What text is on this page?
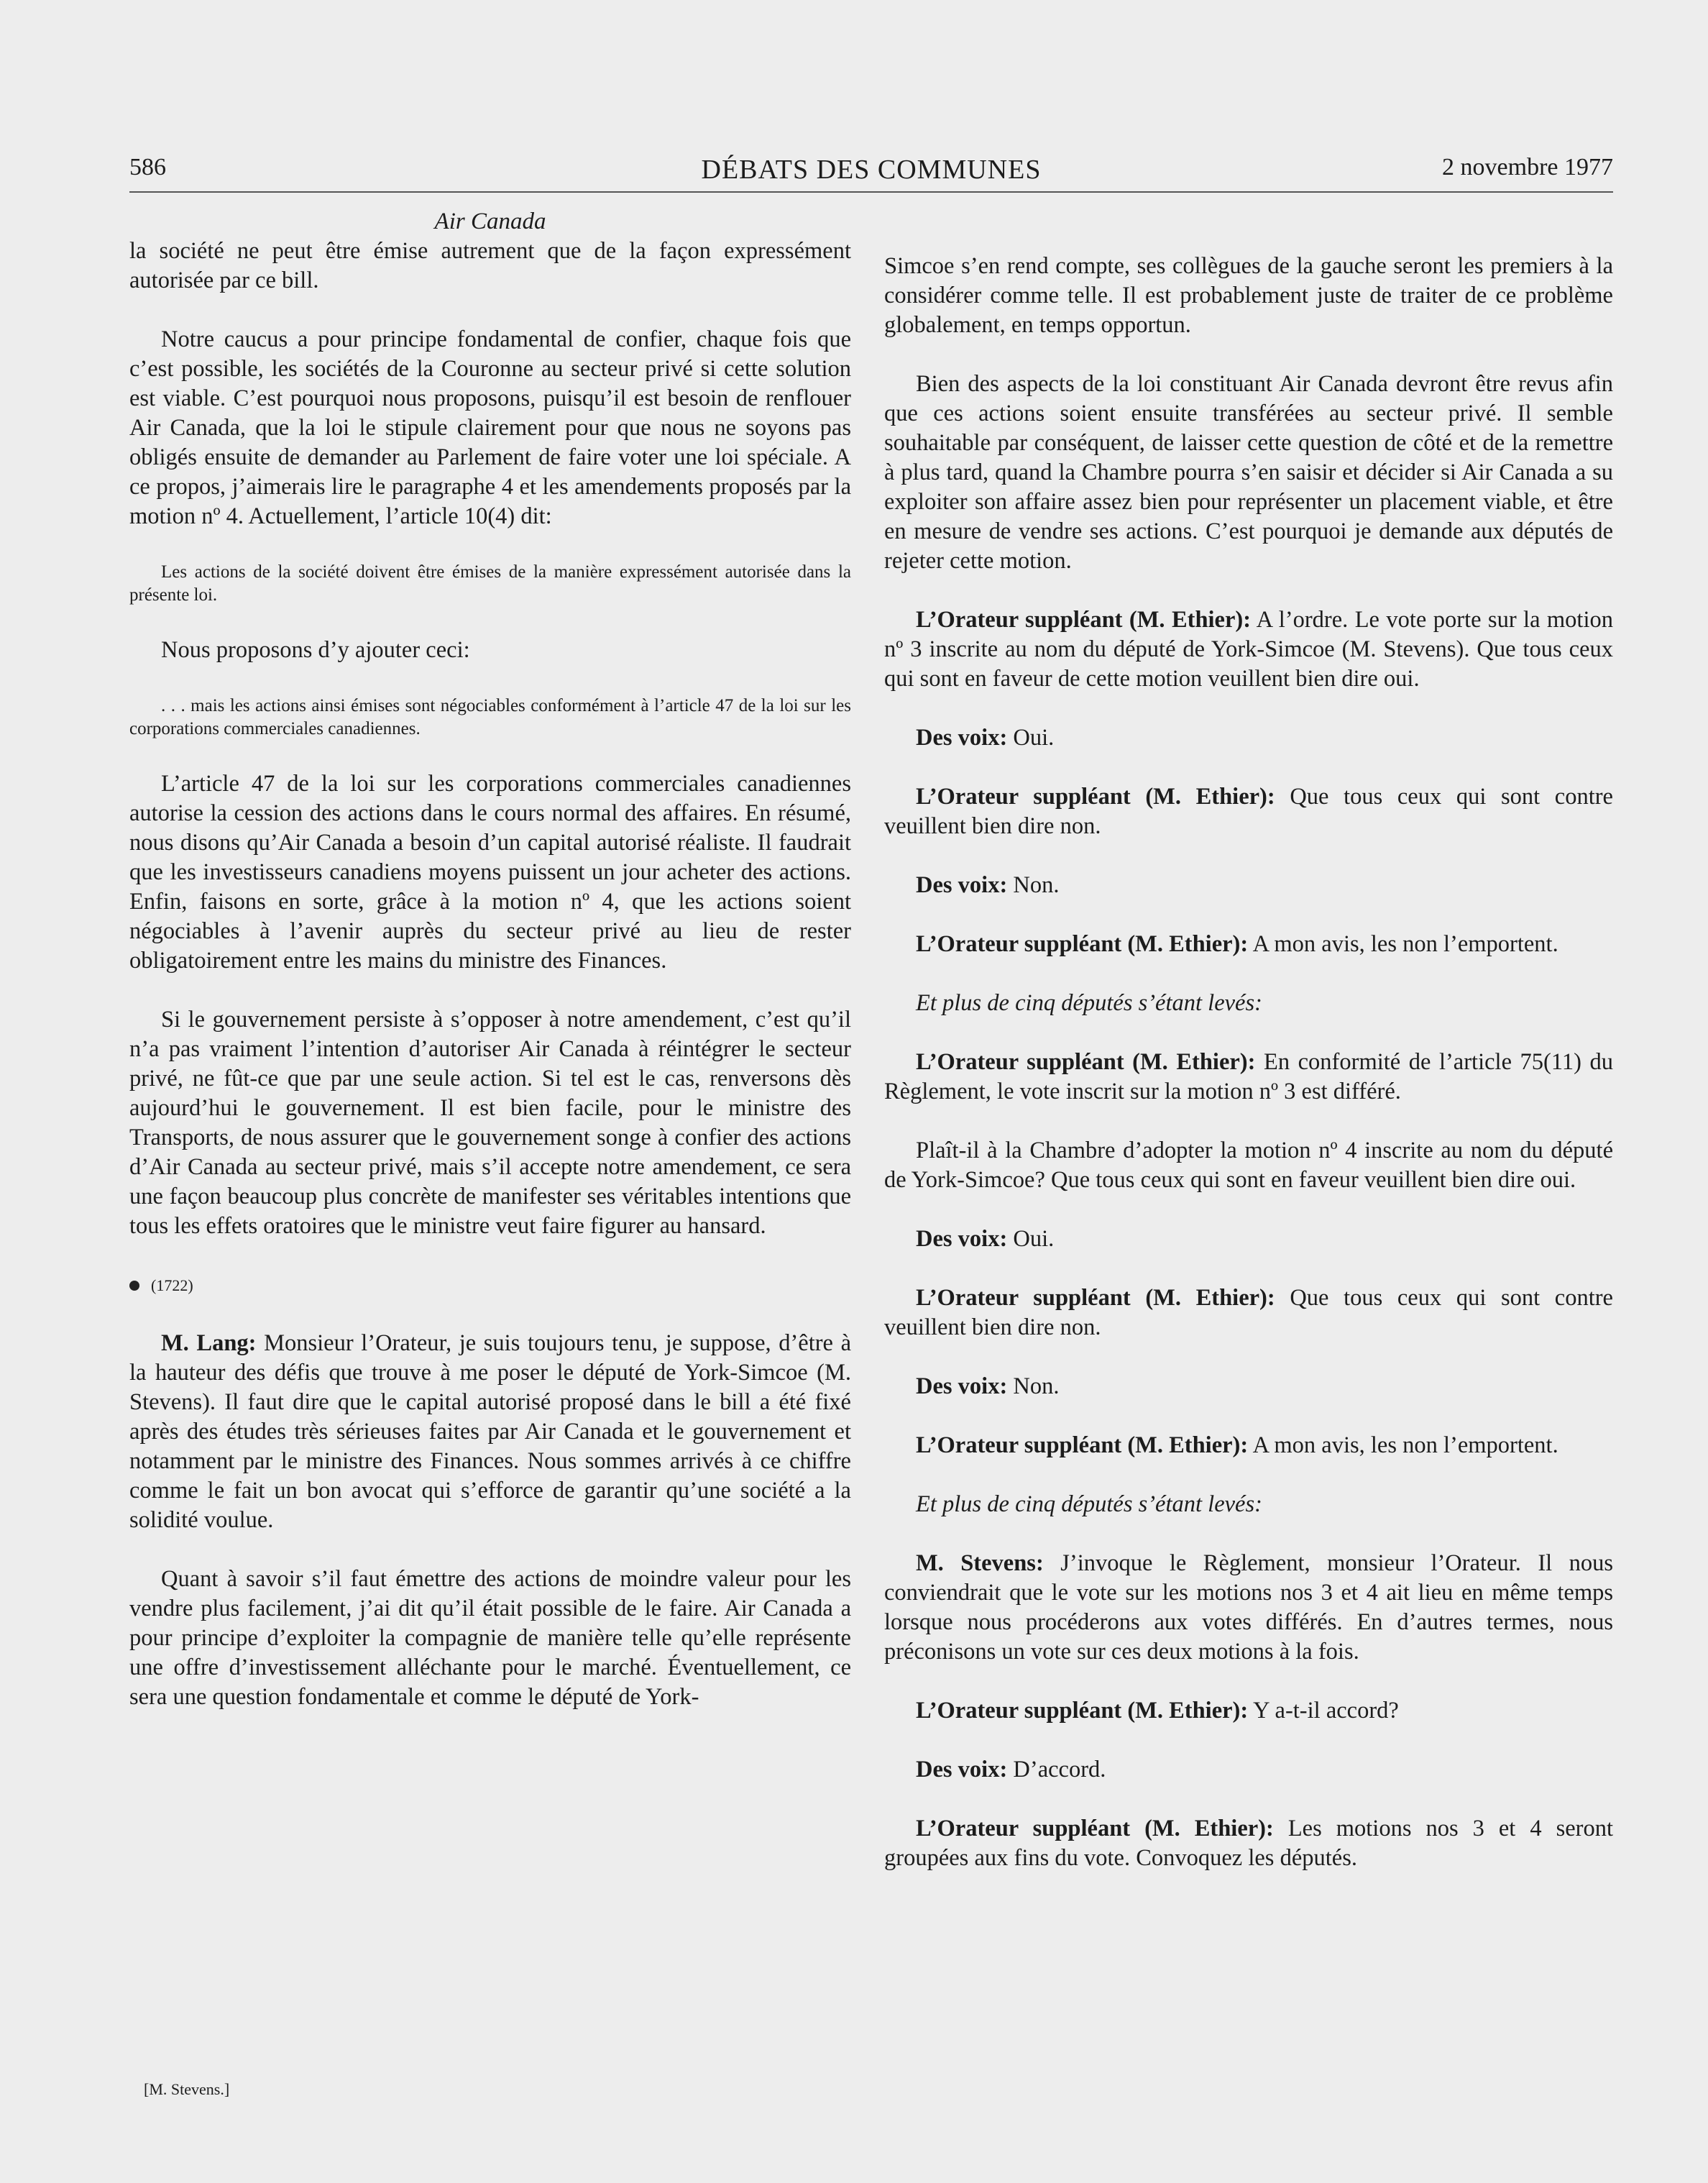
586	DÉBATS DES COMMUNES	2 novembre 1977
Air Canada

la société ne peut être émise autrement que de la façon expressément autorisée par ce bill.

Notre caucus a pour principe fondamental de confier, chaque fois que c’est possible, les sociétés de la Couronne au secteur privé si cette solution est viable. C’est pourquoi nous proposons, puisqu’il est besoin de renflouer Air Canada, que la loi le stipule clairement pour que nous ne soyons pas obligés ensuite de demander au Parlement de faire voter une loi spéciale. A ce propos, j’aimerais lire le paragraphe 4 et les amendements proposés par la motion nº 4. Actuellement, l’article 10(4) dit:

Les actions de la société doivent être émises de la manière expressément autorisée dans la présente loi.

Nous proposons d’y ajouter ceci:

. . . mais les actions ainsi émises sont négociables conformément à l’article 47 de la loi sur les corporations commerciales canadiennes.

L’article 47 de la loi sur les corporations commerciales canadiennes autorise la cession des actions dans le cours normal des affaires. En résumé, nous disons qu’Air Canada a besoin d’un capital autorisé réaliste. Il faudrait que les investisseurs canadiens moyens puissent un jour acheter des actions. Enfin, faisons en sorte, grâce à la motion nº 4, que les actions soient négociables à l’avenir auprès du secteur privé au lieu de rester obligatoirement entre les mains du ministre des Finances.

Si le gouvernement persiste à s’opposer à notre amendement, c’est qu’il n’a pas vraiment l’intention d’autoriser Air Canada à réintégrer le secteur privé, ne fût-ce que par une seule action. Si tel est le cas, renversons dès aujourd’hui le gouvernement. Il est bien facile, pour le ministre des Transports, de nous assurer que le gouvernement songe à confier des actions d’Air Canada au secteur privé, mais s’il accepte notre amendement, ce sera une façon beaucoup plus concrète de manifester ses véritables intentions que tous les effets oratoires que le ministre veut faire figurer au hansard.

(1722)

M. Lang: Monsieur l’Orateur, je suis toujours tenu, je suppose, d’être à la hauteur des défis que trouve à me poser le député de York-Simcoe (M. Stevens). Il faut dire que le capital autorisé proposé dans le bill a été fixé après des études très sérieuses faites par Air Canada et le gouvernement et notamment par le ministre des Finances. Nous sommes arrivés à ce chiffre comme le fait un bon avocat qui s’efforce de garantir qu’une société a la solidité voulue.

Quant à savoir s’il faut émettre des actions de moindre valeur pour les vendre plus facilement, j’ai dit qu’il était possible de le faire. Air Canada a pour principe d’exploiter la compagnie de manière telle qu’elle représente une offre d’investissement alléchante pour le marché. Éventuellement, ce sera une question fondamentale et comme le député de York-

[M. Stevens.]

Simcoe s’en rend compte, ses collègues de la gauche seront les premiers à la considérer comme telle. Il est probablement juste de traiter de ce problème globalement, en temps opportun.

Bien des aspects de la loi constituant Air Canada devront être revus afin que ces actions soient ensuite transférées au secteur privé. Il semble souhaitable par conséquent, de laisser cette question de côté et de la remettre à plus tard, quand la Chambre pourra s’en saisir et décider si Air Canada a su exploiter son affaire assez bien pour représenter un placement viable, et être en mesure de vendre ses actions. C’est pourquoi je demande aux députés de rejeter cette motion.

L’Orateur suppléant (M. Ethier): A l’ordre. Le vote porte sur la motion nº 3 inscrite au nom du député de York-Simcoe (M. Stevens). Que tous ceux qui sont en faveur de cette motion veuillent bien dire oui.

Des voix: Oui.

L’Orateur suppléant (M. Ethier): Que tous ceux qui sont contre veuillent bien dire non.

Des voix: Non.

L’Orateur suppléant (M. Ethier): A mon avis, les non l’emportent.

Et plus de cinq députés s’étant levés:

L’Orateur suppléant (M. Ethier): En conformité de l’article 75(11) du Règlement, le vote inscrit sur la motion nº 3 est différé.

Plaît-il à la Chambre d’adopter la motion nº 4 inscrite au nom du député de York-Simcoe? Que tous ceux qui sont en faveur veuillent bien dire oui.

Des voix: Oui.

L’Orateur suppléant (M. Ethier): Que tous ceux qui sont contre veuillent bien dire non.

Des voix: Non.

L’Orateur suppléant (M. Ethier): A mon avis, les non l’emportent.

Et plus de cinq députés s’étant levés:

M. Stevens: J’invoque le Règlement, monsieur l’Orateur. Il nous conviendrait que le vote sur les motions nos 3 et 4 ait lieu en même temps lorsque nous procéderons aux votes différés. En d’autres termes, nous préconisons un vote sur ces deux motions à la fois.

L’Orateur suppléant (M. Ethier): Y a-t-il accord?

Des voix: D’accord.

L’Orateur suppléant (M. Ethier): Les motions nos 3 et 4 seront groupées aux fins du vote. Convoquez les députés.
